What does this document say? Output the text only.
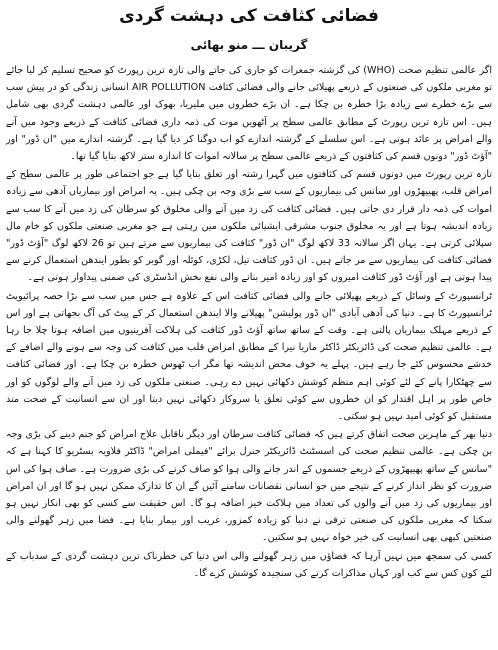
فضائی کثافت کی دہشت گردی
گریبان ـــ منو بھائی

اگر عالمی تنظیم صحت (WHO) کی گزشتہ جمعرات کو جاری کی جانے والی تازہ ترین رپورٹ کو صحیح تسلیم کر لیا جائے تو مغربی ملکوں کی صنعتوں کے ذریعے پھیلائی جانے والی فضائی کثافت AIR POLLUTION انسانی زندگی کو در پیش سب سے بڑے خطرے سے زیادہ بڑا خطرہ بن چکا ہے۔ ان بڑے خطروں میں ملیریا، بھوک اور عالمی دہشت گردی بھی شامل ہیں۔ اس تازہ ترین رپورٹ کے مطابق عالمی سطح پر آٹھویں موت کی ذمہ داری فضائی کثافت کے ذریعے وجود میں آنے والے امراض پر عائد ہوتی ہے۔ اس سلسلے کے گزشتہ اندازے کو اب دوگنا کر دیا گیا ہے۔ گزشتہ اندازے میں "ان ڈور" اور "آؤٹ ڈور" دونوں قسم کی کثافتوں کے ذریعے عالمی سطح پر سالانہ اموات کا اندازہ ستر لاکھ بتایا گیا تھا۔

تازہ ترین رپورٹ میں دونوں قسم کی کثافتوں میں گہرا رشتہ اور تعلق بتایا گیا ہے جو اجتماعی طور پر عالمی سطح کے امراض قلب، پھیپھڑوں اور سانس کی بیماریوں کے سب سے بڑی وجہ بن چکی ہیں۔ یہ امراض اور بیماریاں آدھی سے زیادہ اموات کی ذمہ دار قرار دی جاتی ہیں۔ فضائی کثافت کی زد میں آنے والی مخلوق کو سرطان کی زد میں آنے کا سب سے زیادہ اندیشہ ہوتا ہے اور یہ مخلوق جنوب مشرقی ایشیائی ملکوں میں رہتی ہے جو مغربی صنعتی ملکوں کو خام مال سپلائی کرتی ہے۔ یہاں اگر سالانہ 33 لاکھ لوگ "ان ڈور" کثافت کی بیماریوں سے مرتے ہیں تو 26 لاکھ لوگ "آؤٹ ڈور" فضائی کثافت کی بیماریوں سے مر جاتے ہیں۔ ان ڈور کثافت تیل، لکڑی، کوئلہ اور گوبر کو بطور ایندھن استعمال کرنے سے پیدا ہوتی ہے اور آؤٹ ڈور کثافت امیروں کو اور زیادہ امیر بنانے والی نفع بخش انڈسٹری کی ضمنی پیداوار ہوتی ہے۔

ٹرانسپورٹ کے وسائل کے ذریعے پھیلائی جانے والی فضائی کثافت اس کے علاوہ ہے جس میں سب سے بڑا حصہ پرائیویٹ ٹرانسپورٹ کا ہے۔ دنیا کی آدھی آبادی "ان ڈور پولیشن" پھیلانے والا ایندھن استعمال کر کے پیٹ کی آگ بجھاتی ہے اور اس کے ذریعے مہلک بیماریاں پالتی ہے۔ وقت کے ساتھ ساتھ آؤٹ ڈور کثافت کی ہلاکت آفرینیوں میں اضافہ ہوتا چلا جا رہا ہے۔ عالمی تنظیم صحت کی ڈائریکٹر ڈاکٹر ماریا نیرا کے مطابق امراض قلب میں کثافت کی وجہ سے ہونے والے اضافے کے خدشے محسوس کئے جا رہے ہیں۔ پہلے یہ خوف محض اندیشہ تھا مگر اب ٹھوس خطرہ بن چکا ہے۔ اور فضائی کثافت سے چھٹکارا پانے کے لئے کوئی اہم منظم کوشش دکھائی نہیں دے رہی۔ صنعتی ملکوں کی زد میں آنے والے لوگوں کو اور خاص طور پر اہل اقتدار کو ان خطروں سے کوئی تعلق یا سروکار دکھائی نہیں دیتا اور ان سے انسانیت کے صحت مند مستقبل کو کوئی امید نہیں ہو سکتی۔

دنیا بھر کے ماہرین صحت اتفاق کرتے ہیں کہ فضائی کثافت سرطان اور دیگر ناقابل علاج امراض کو جنم دینے کی بڑی وجہ بن چکی ہے۔ عالمی تنظیم صحت کی اسسٹنٹ ڈائریکٹر جنرل برائے "فیملی امراض" ڈاکٹر فلاویہ بسٹریو کا کہنا ہے کہ "سانس کے ساتھ پھیپھڑوں کے ذریعے جسموں کے اندر جانے والی ہوا کو صاف کرنے کی بڑی ضرورت ہے۔ صاف ہوا کی اس ضرورت کو نظر انداز کرنے کے نتیجے میں جو انسانی نقصانات سامنے آئیں گے ان کا تدارک ممکن نہیں ہو گا اور ان امراض اور بیماریوں کی زد میں آنے والوں کی تعداد میں ہلاکت خیز اضافہ ہو گا۔ اس حقیقت سے کسی کو بھی انکار نہیں ہو سکتا کہ مغربی ملکوں کی صنعتی ترقی نے دنیا کو زیادہ کمزور، غریب اور بیمار بنایا ہے۔ فضا میں زہر گھولنے والی صنعتیں کبھی بھی انسانیت کی خیر خواہ نہیں ہو سکتیں۔

کسی کی سمجھ میں نہیں آرہا کہ فضاؤں میں زہر گھولنے والی اس دنیا کی خطرناک ترین دہشت گردی کے سدباب کے لئے کون کس سے کب اور کہاں مذاکرات کرنے کی سنجیدہ کوشش کرے گا۔
